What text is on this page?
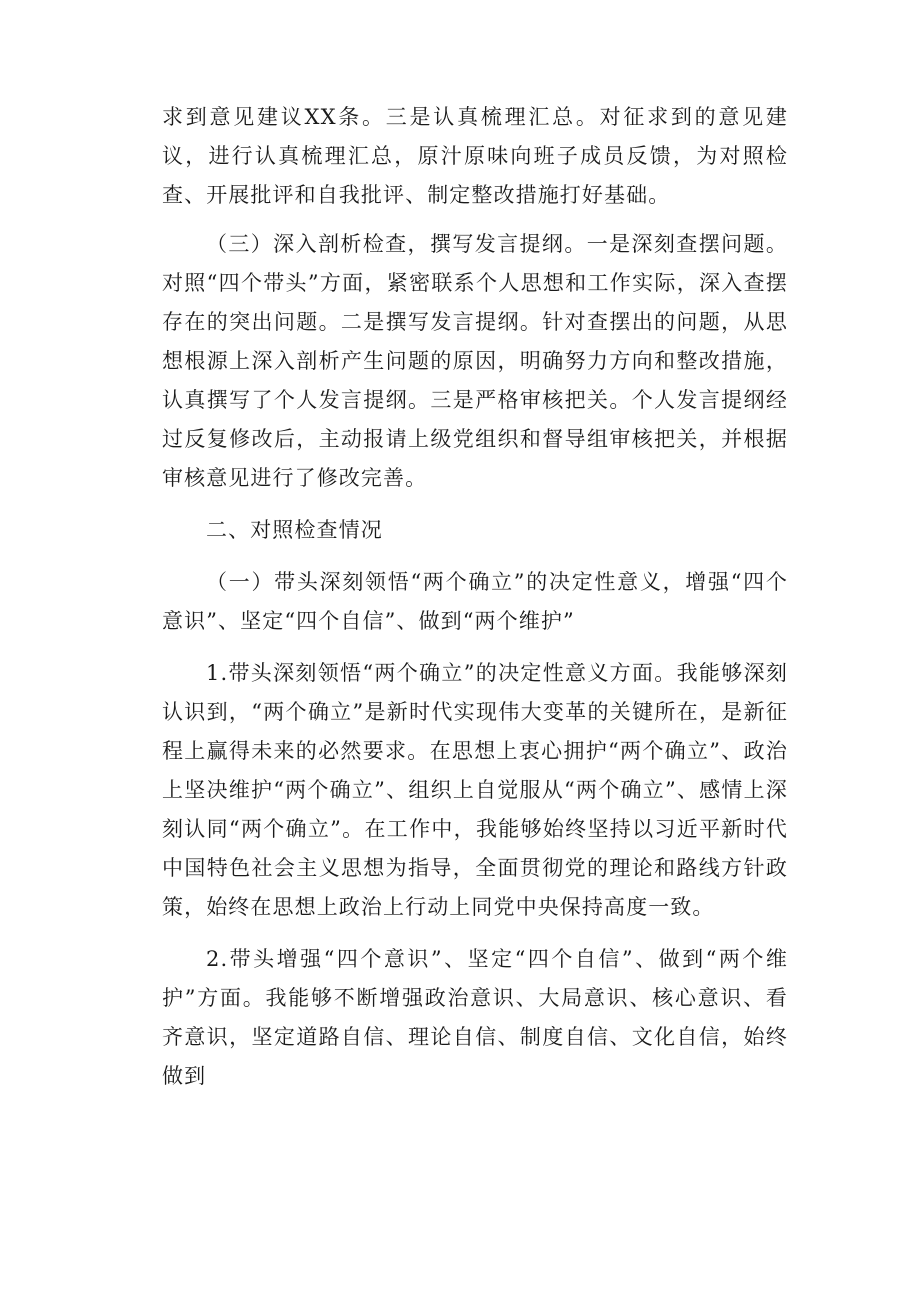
求到意见建议XX条。三是认真梳理汇总。对征求到的意见建议，进行认真梳理汇总，原汁原味向班子成员反馈，为对照检查、开展批评和自我批评、制定整改措施打好基础。

（三）深入剖析检查，撰写发言提纲。一是深刻查摆问题。对照“四个带头”方面，紧密联系个人思想和工作实际，深入查摆存在的突出问题。二是撰写发言提纲。针对查摆出的问题，从思想根源上深入剖析产生问题的原因，明确努力方向和整改措施，认真撰写了个人发言提纲。三是严格审核把关。个人发言提纲经过反复修改后，主动报请上级党组织和督导组审核把关，并根据审核意见进行了修改完善。

二、对照检查情况

（一）带头深刻领悟“两个确立”的决定性意义，增强“四个意识”、坚定“四个自信”、做到“两个维护”

1.带头深刻领悟“两个确立”的决定性意义方面。我能够深刻认识到，“两个确立”是新时代实现伟大变革的关键所在，是新征程上赢得未来的必然要求。在思想上衷心拥护“两个确立”、政治上坚决维护“两个确立”、组织上自觉服从“两个确立”、感情上深刻认同“两个确立”。在工作中，我能够始终坚持以习近平新时代中国特色社会主义思想为指导，全面贯彻党的理论和路线方针政策，始终在思想上政治上行动上同党中央保持高度一致。

2.带头增强“四个意识”、坚定“四个自信”、做到“两个维护”方面。我能够不断增强政治意识、大局意识、核心意识、看齐意识，坚定道路自信、理论自信、制度自信、文化自信，始终做到
